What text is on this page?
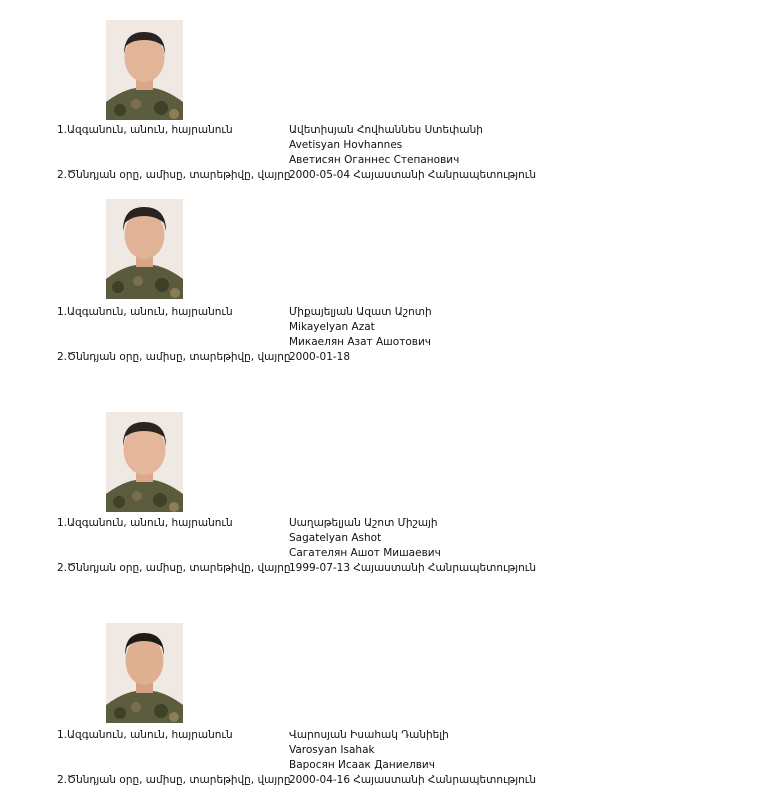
1.Ազգանուն, անուն, հայրանուն	Ավետիսյան Հովհաննես Ստեփանի
Avetisyan Hovhannes
Аветисян Оганнес Степанович
2.Ծննդյան օրը, ամիսը, տարեթիվը, վայրը
2000-05-04 Հայաստանի Հանրապետություն
1.Ազգանուն, անուն, հայրանուն	Միքայելյան Ազատ Աշոտի
Mikayelyan Azat
Микаелян Азат Ашотович
2.Ծննդյան օրը, ամիսը, տարեթիվը, վայրը
2000-01-18
1.Ազգանուն, անուն, հայրանուն	Սաղաթելյան Աշոտ Միշայի
Sagatelyan Ashot
Сагателян Ашот Мишаевич
2.Ծննդյան օրը, ամիսը, տարեթիվը, վայրը
1999-07-13 Հայաստանի Հանրապետություն
1.Ազգանուն, անուն, հայրանուն	Վարոսյան Իսահակ Դանիելի
Varosyan Isahak
Варосян Исаак Даниелвич
2.Ծննդյան օրը, ամիսը, տարեթիվը, վայրը
2000-04-16 Հայաստանի Հանրապետություն
